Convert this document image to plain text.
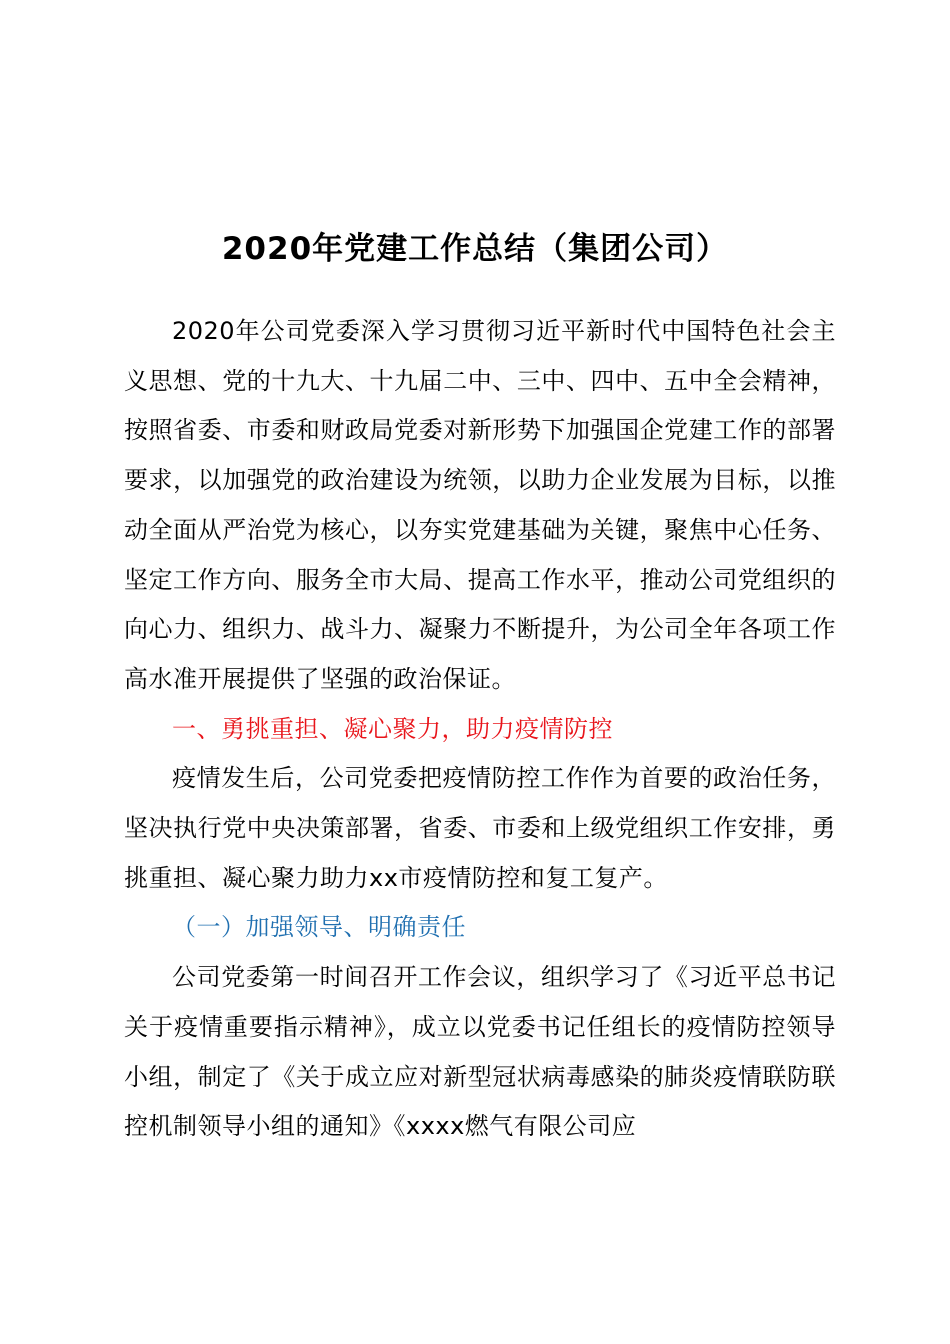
2020年党建工作总结（集团公司）

2020年公司党委深入学习贯彻习近平新时代中国特色社会主义思想、党的十九大、十九届二中、三中、四中、五中全会精神，按照省委、市委和财政局党委对新形势下加强国企党建工作的部署要求，以加强党的政治建设为统领，以助力企业发展为目标，以推动全面从严治党为核心，以夯实党建基础为关键，聚焦中心任务、坚定工作方向、服务全市大局、提高工作水平，推动公司党组织的向心力、组织力、战斗力、凝聚力不断提升，为公司全年各项工作高水准开展提供了坚强的政治保证。

一、勇挑重担、凝心聚力，助力疫情防控

疫情发生后，公司党委把疫情防控工作作为首要的政治任务，坚决执行党中央决策部署，省委、市委和上级党组织工作安排，勇挑重担、凝心聚力助力xx市疫情防控和复工复产。

（一）加强领导、明确责任

公司党委第一时间召开工作会议，组织学习了《习近平总书记关于疫情重要指示精神》，成立以党委书记任组长的疫情防控领导小组，制定了《关于成立应对新型冠状病毒感染的肺炎疫情联防联控机制领导小组的通知》《xxxx燃气有限公司应
